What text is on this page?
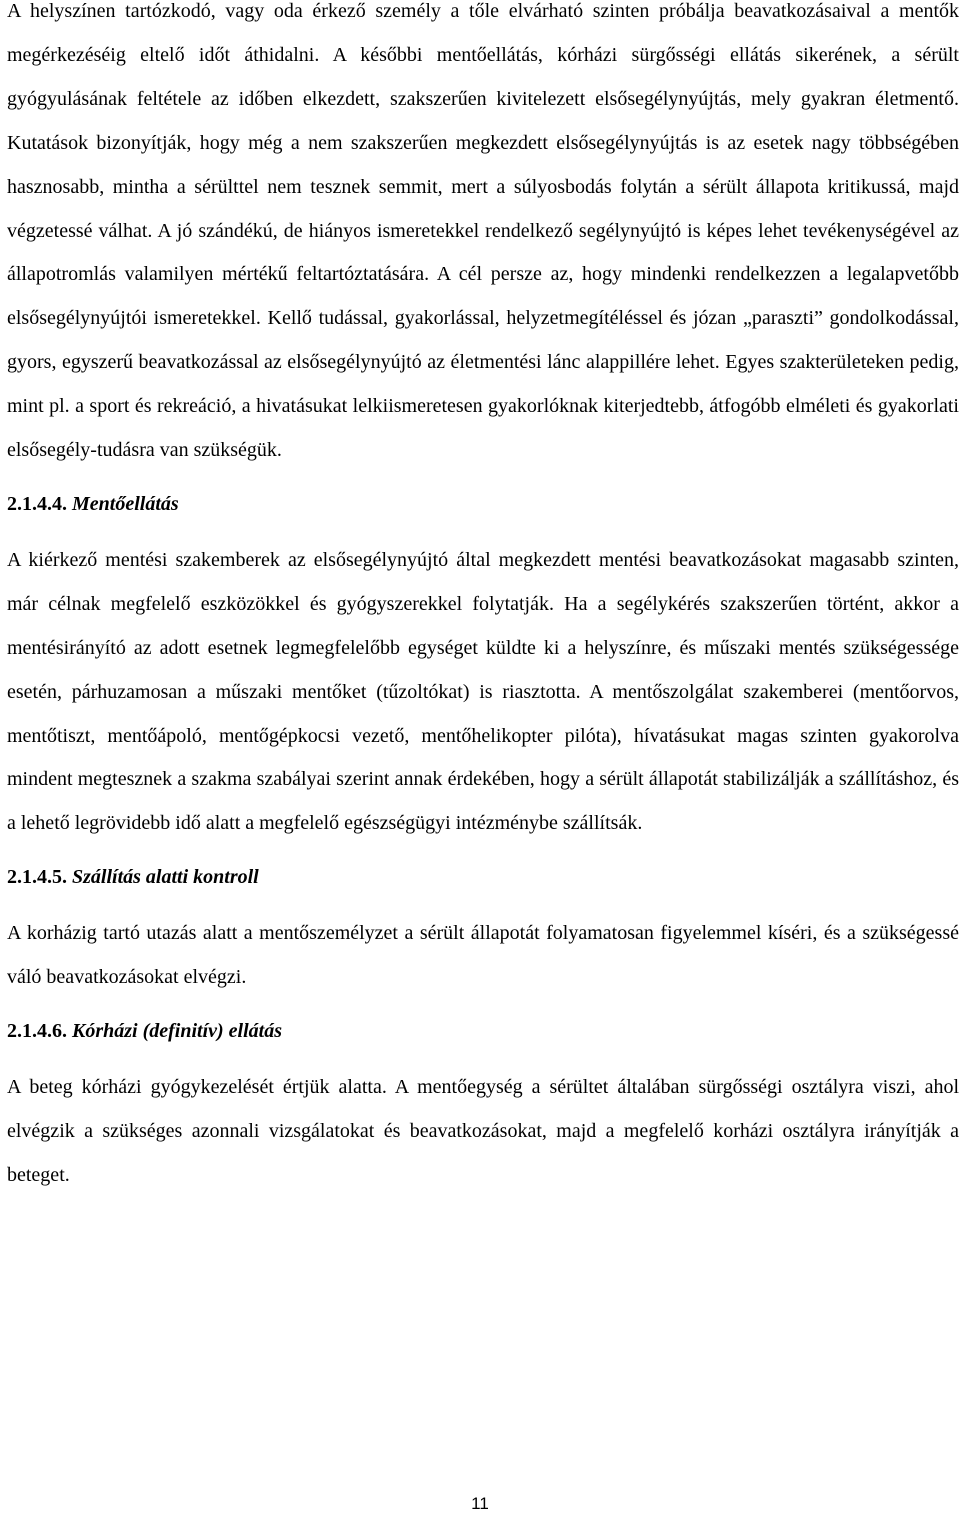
A helyszínen tartózkodó, vagy oda érkező személy a tőle elvárható szinten próbálja beavatkozásaival a mentők megérkezéséig eltelő időt áthidalni. A későbbi mentőellátás, kórházi sürgősségi ellátás sikerének, a sérült gyógyulásának feltétele az időben elkezdett, szakszerűen kivitelezett elsősegélynyújtás, mely gyakran életmentő. Kutatások bizonyítják, hogy még a nem szakszerűen megkezdett elsősegélynyújtás is az esetek nagy többségében hasznosabb, mintha a sérülttel nem tesznek semmit, mert a súlyosbodás folytán a sérült állapota kritikussá, majd végzetessé válhat. A jó szándékú, de hiányos ismeretekkel rendelkező segélynyújtó is képes lehet tevékenységével az állapotromlás valamilyen mértékű feltartóztatására. A cél persze az, hogy mindenki rendelkezzen a legalapvetőbb elsősegélynyújtói ismeretekkel. Kellő tudással, gyakorlással, helyzetmegítéléssel és józan „paraszti” gondolkodással, gyors, egyszerű beavatkozással az elsősegélynyújtó az életmentési lánc alappillére lehet. Egyes szakterületeken pedig, mint pl. a sport és rekreáció, a hivatásukat lelkiismeretesen gyakorlóknak kiterjedtebb, átfogóbb elméleti és gyakorlati elsősegély-tudásra van szükségük.

2.1.4.4. Mentőellátás

A kiérkező mentési szakemberek az elsősegélynyújtó által megkezdett mentési beavatkozásokat magasabb szinten, már célnak megfelelő eszközökkel és gyógyszerekkel folytatják. Ha a segélykérés szakszerűen történt, akkor a mentésirányító az adott esetnek legmegfelelőbb egységet küldte ki a helyszínre, és műszaki mentés szükségessége esetén, párhuzamosan a műszaki mentőket (tűzoltókat) is riasztotta. A mentőszolgálat szakemberei (mentőorvos, mentőtiszt, mentőápoló, mentőgépkocsi vezető, mentőhelikopter pilóta), hívatásukat magas szinten gyakorolva mindent megtesznek a szakma szabályai szerint annak érdekében, hogy a sérült állapotát stabilizálják a szállításhoz, és a lehető legrövidebb idő alatt a megfelelő egészségügyi intézménybe szállítsák.

2.1.4.5. Szállítás alatti kontroll

A korházig tartó utazás alatt a mentőszemélyzet a sérült állapotát folyamatosan figyelemmel kíséri, és a szükségessé váló beavatkozásokat elvégzi.

2.1.4.6. Kórházi (definitív) ellátás

A beteg kórházi gyógykezelését értjük alatta. A mentőegység a sérültet általában sürgősségi osztályra viszi, ahol elvégzik a szükséges azonnali vizsgálatokat és beavatkozásokat, majd a megfelelő korházi osztályra irányítják a beteget.

11
